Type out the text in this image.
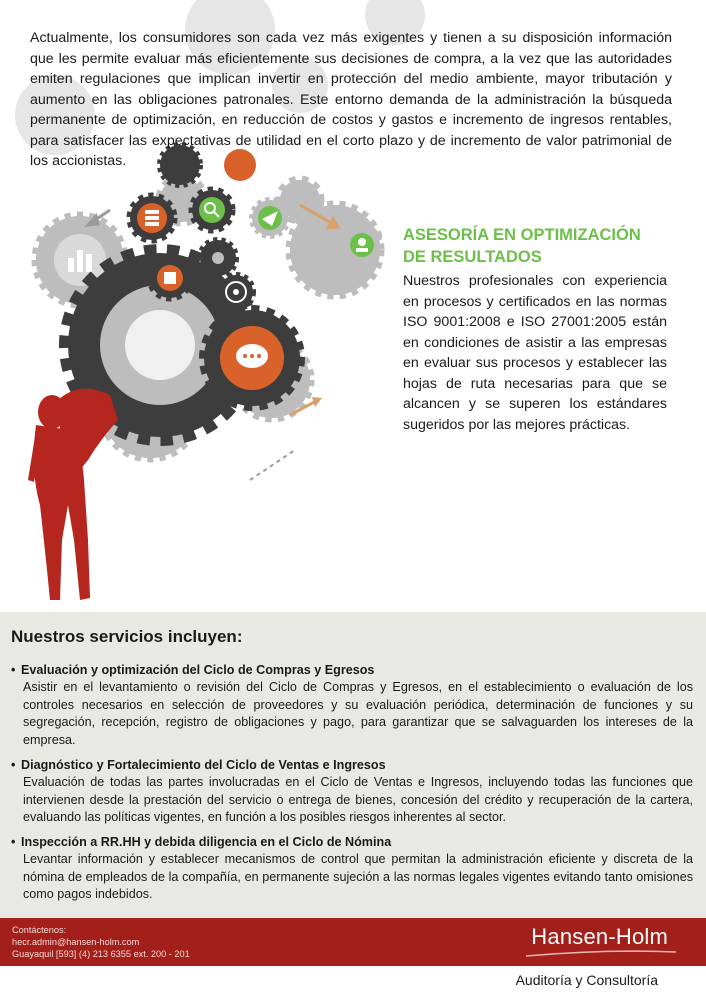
Actualmente, los consumidores son cada vez más exigentes y tienen a su disposición información que les permite evaluar más eficientemente sus decisiones de compra, a la vez que las autoridades emiten regulaciones que implican invertir en protección del medio ambiente, mayor tributación y aumento en las obligaciones patronales. Este entorno demanda de la administración la búsqueda permanente de optimización, en reducción de costos y gastos e incremento de ingresos rentables, para satisfacer las expectativas de utilidad en el corto plazo y de incremento de valor patrimonial de los accionistas.

ASESORÍA EN OPTIMIZACIÓN
DE RESULTADOS

Nuestros profesionales con experiencia en procesos y certificados en las normas ISO 9001:2008 e ISO 27001:2005 están en condiciones de asistir a las empresas en evaluar sus procesos y establecer las hojas de ruta necesarias para que se alcancen y se superen los estándares sugeridos por las mejores prácticas.

Nuestros servicios incluyen:
• Evaluación y optimización del Ciclo de Compras y Egresos

Asistir en el levantamiento o revisión del Ciclo de Compras y Egresos, en el establecimiento o evaluación de los controles necesarios en selección de proveedores y su evaluación periódica, determinación de funciones y su segregación, recepción, registro de obligaciones y pago, para garantizar que se salvaguarden los intereses de la empresa.

• Diagnóstico y Fortalecimiento del Ciclo de Ventas e Ingresos

Evaluación de todas las partes involucradas en el Ciclo de Ventas e Ingresos, incluyendo todas las funciones que intervienen desde la prestación del servicio o entrega de bienes, concesión del crédito y recuperación de la cartera, evaluando las políticas vigentes, en función a los posibles riesgos inherentes al sector.

• Inspección a RR.HH y debida diligencia en el Ciclo de Nómina

Levantar información y establecer mecanismos de control que permitan la administración eficiente y discreta de la nómina de empleados de la compañía, en permanente sujeción a las normas legales vigentes evitando tanto omisiones como pagos indebidos.

Contáctenos:
hecr.admin@hansen-holm.com
Guayaquil [593] (4) 213 6355 ext. 200 - 201
Hansen-Holm
Auditoría y Consultoría
